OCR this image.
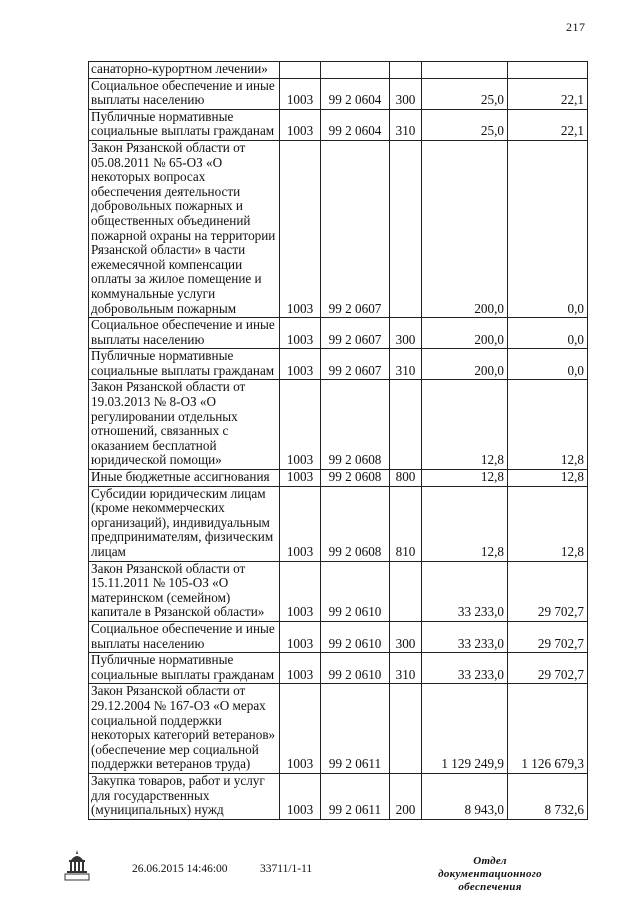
217
санаторно-курортном лечении»					
Социальное обеспечение и иные выплаты населению	1003	99 2 0604	300	25,0	22,1
Публичные нормативные социальные выплаты гражданам	1003	99 2 0604	310	25,0	22,1
Закон Рязанской области от 05.08.2011 № 65-ОЗ «О некоторых вопросах обеспечения деятельности добровольных пожарных и общественных объединений пожарной охраны на территории Рязанской области» в части ежемесячной компенсации оплаты за жилое помещение и коммунальные услуги добровольным пожарным	1003	99 2 0607		200,0	0,0
Социальное обеспечение и иные выплаты населению	1003	99 2 0607	300	200,0	0,0
Публичные нормативные социальные выплаты гражданам	1003	99 2 0607	310	200,0	0,0
Закон Рязанской области от 19.03.2013 № 8-ОЗ «О регулировании отдельных отношений, связанных с оказанием бесплатной юридической помощи»	1003	99 2 0608		12,8	12,8
Иные бюджетные ассигнования	1003	99 2 0608	800	12,8	12,8
Субсидии юридическим лицам (кроме некоммерческих организаций), индивидуальным предпринимателям, физическим лицам	1003	99 2 0608	810	12,8	12,8
Закон Рязанской области от 15.11.2011 № 105-ОЗ «О материнском (семейном) капитале в Рязанской области»	1003	99 2 0610		33 233,0	29 702,7
Социальное обеспечение и иные выплаты населению	1003	99 2 0610	300	33 233,0	29 702,7
Публичные нормативные социальные выплаты гражданам	1003	99 2 0610	310	33 233,0	29 702,7
Закон Рязанской области от 29.12.2004 № 167-ОЗ «О мерах социальной поддержки некоторых категорий ветеранов» (обеспечение мер социальной поддержки ветеранов труда)	1003	99 2 0611		1 129 249,9	1 126 679,3
Закупка товаров, работ и услуг для государственных (муниципальных) нужд	1003	99 2 0611	200	8 943,0	8 732,6
26.06.2015 14:46:00	33711/1-11
Отдел документационного
обеспечения
